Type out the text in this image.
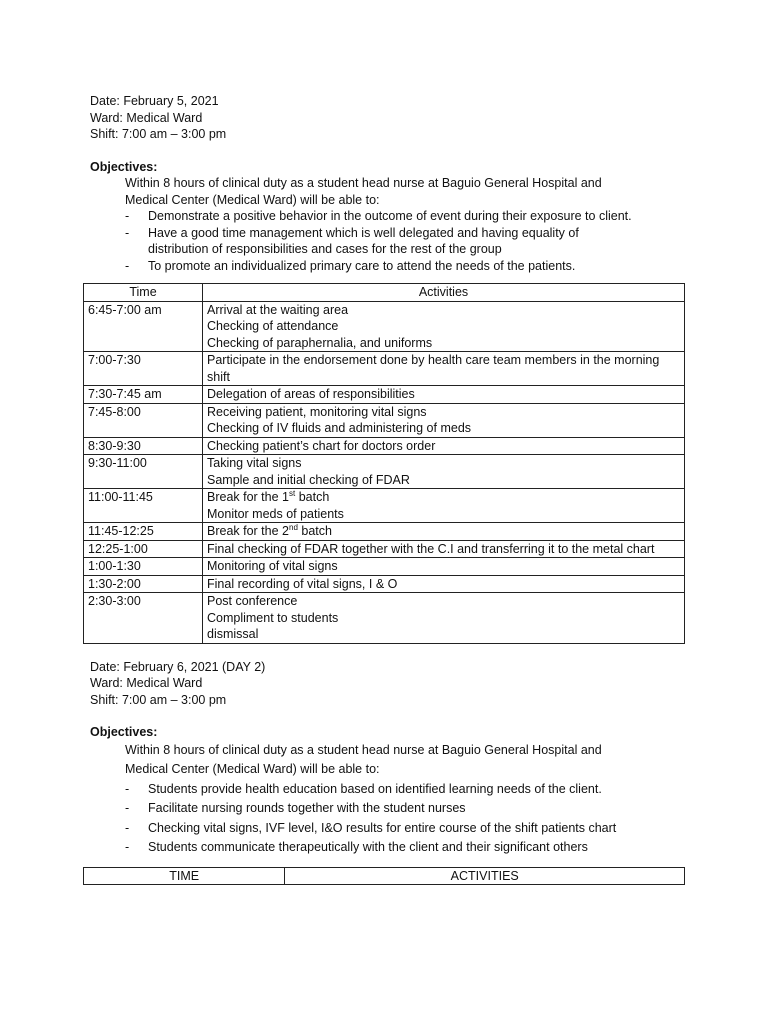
Date: February 5, 2021
Ward: Medical Ward
Shift: 7:00 am – 3:00 pm
Objectives:
Within 8 hours of clinical duty as a student head nurse at Baguio General Hospital and
Medical Center (Medical Ward) will be able to:
-	Demonstrate a positive behavior in the outcome of event during their exposure to client.
-	Have a good time management which is well delegated and having equality of distribution of responsibilities and cases for the rest of the group
-	To promote an individualized primary care to attend the needs of the patients.
Time	Activities
6:45-7:00 am	Arrival at the waiting area
Checking of attendance
Checking of paraphernalia, and uniforms

7:00-7:30	Participate in the endorsement done by health care team members in the morning shift

7:30-7:45 am	Delegation of areas of responsibilities

7:45-8:00	Receiving patient, monitoring vital signs
Checking of IV fluids and administering of meds

8:30-9:30	Checking patient’s chart for doctors order

9:30-11:00	Taking vital signs
Sample and initial checking of FDAR

11:00-11:45	Break for the 1st batch
Monitor meds of patients

11:45-12:25	Break for the 2nd batch

12:25-1:00	Final checking of FDAR together with the C.I and transferring it to the metal chart

1:00-1:30	Monitoring of vital signs

1:30-2:00	Final recording of vital signs, I & O

2:30-3:00	Post conference
Compliment to students
dismissal
Date: February 6, 2021 (DAY 2)
Ward: Medical Ward
Shift: 7:00 am – 3:00 pm
Objectives:
Within 8 hours of clinical duty as a student head nurse at Baguio General Hospital and
Medical Center (Medical Ward) will be able to:
-	Students provide health education based on identified learning needs of the client.
-	Facilitate nursing rounds together with the student nurses
-	Checking vital signs, IVF level, I&O results for entire course of the shift patients chart
-	Students communicate therapeutically with the client and their significant others
TIME	ACTIVITIES
